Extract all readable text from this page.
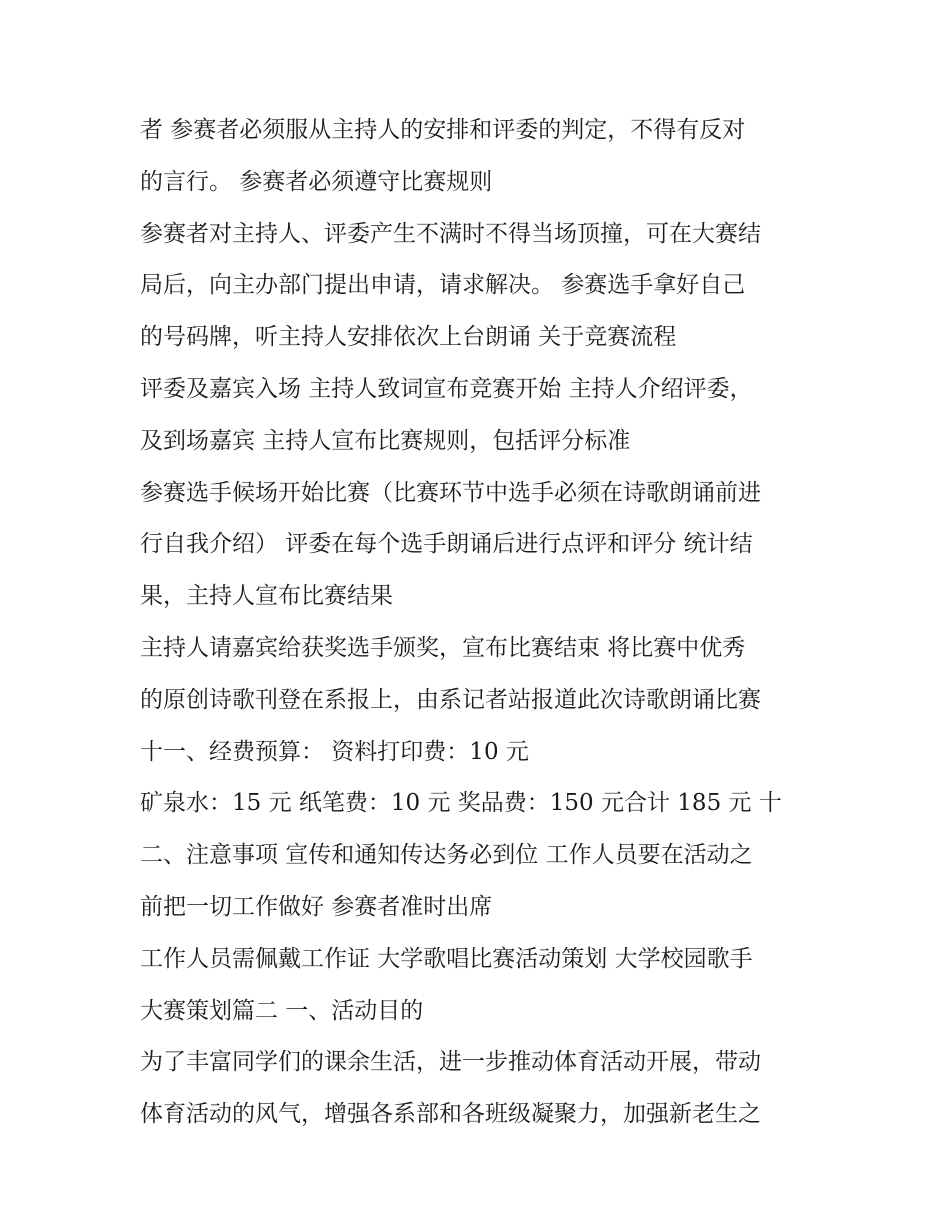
者 参赛者必须服从主持人的安排和评委的判定，不得有反对
的言行。 参赛者必须遵守比赛规则
参赛者对主持人、评委产生不满时不得当场顶撞，可在大赛结
局后，向主办部门提出申请，请求解决。 参赛选手拿好自己
的号码牌，听主持人安排依次上台朗诵 关于竞赛流程
评委及嘉宾入场 主持人致词宣布竞赛开始 主持人介绍评委，
及到场嘉宾 主持人宣布比赛规则，包括评分标准
参赛选手候场开始比赛（比赛环节中选手必须在诗歌朗诵前进
行自我介绍） 评委在每个选手朗诵后进行点评和评分 统计结
果，主持人宣布比赛结果
主持人请嘉宾给获奖选手颁奖，宣布比赛结束 将比赛中优秀
的原创诗歌刊登在系报上，由系记者站报道此次诗歌朗诵比赛
十一、经费预算： 资料打印费：10 元
矿泉水：15 元 纸笔费：10 元 奖品费：150 元合计 185 元 十
二、注意事项 宣传和通知传达务必到位 工作人员要在活动之
前把一切工作做好 参赛者准时出席
工作人员需佩戴工作证 大学歌唱比赛活动策划 大学校园歌手
大赛策划篇二 一、活动目的
为了丰富同学们的课余生活，进一步推动体育活动开展，带动
体育活动的风气，增强各系部和各班级凝聚力，加强新老生之
